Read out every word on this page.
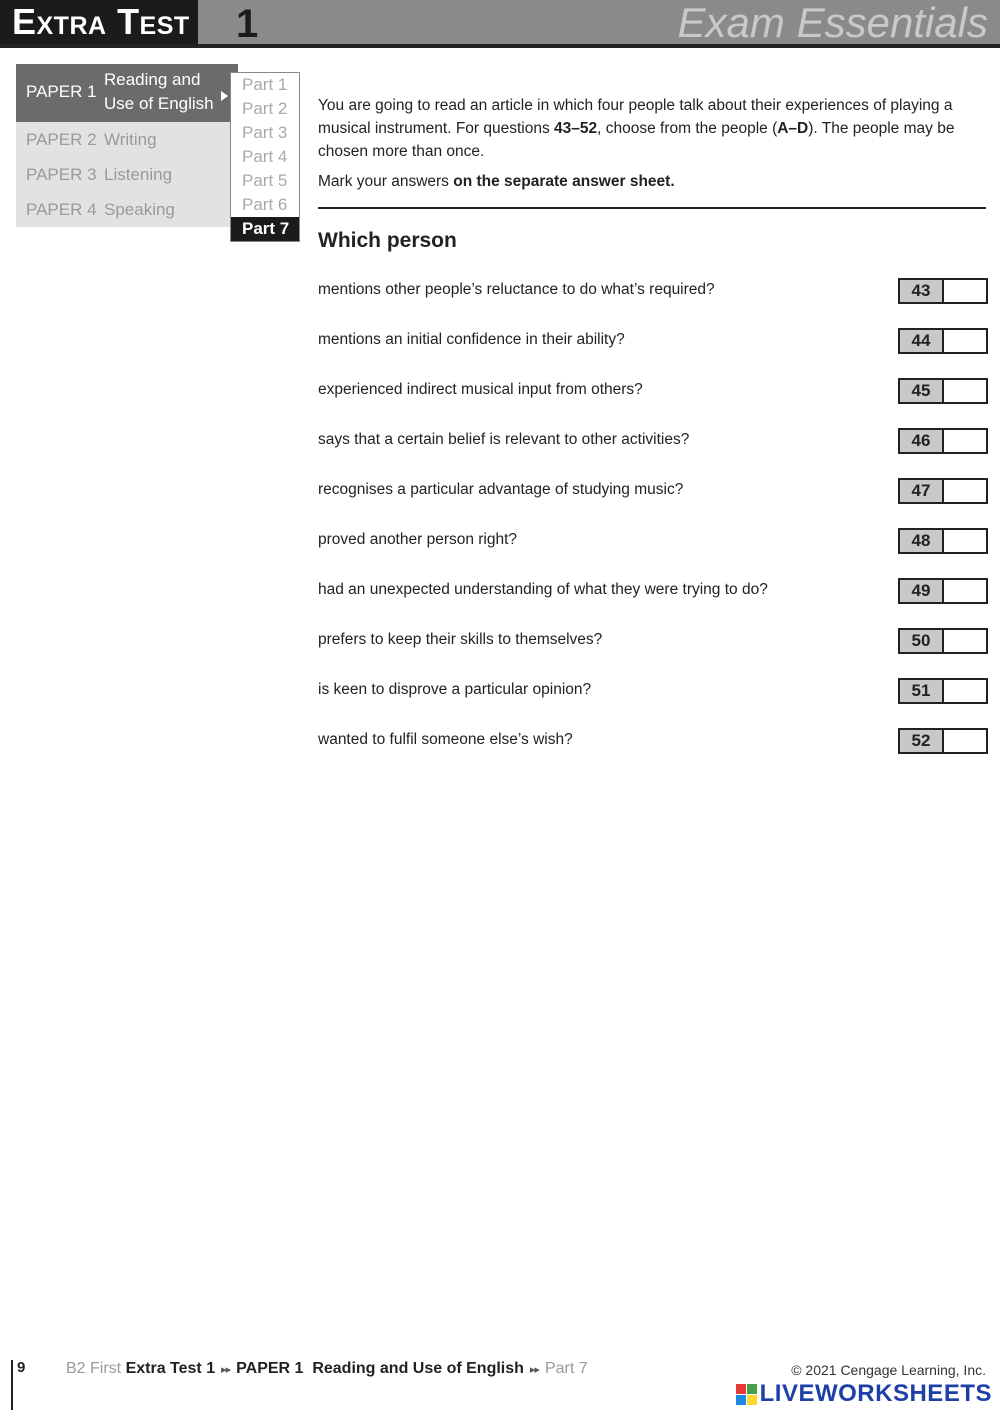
Extra Test 1	Exam Essentials
PAPER 1
Reading and Use of English
PAPER 2 Writing
PAPER 3 Listening
PAPER 4 Speaking
Part 1
Part 2
Part 3
Part 4
Part 5
Part 6
Part 7

You are going to read an article in which four people talk about their experiences of playing a musical instrument. For questions 43–52, choose from the people (A–D). The people may be chosen more than once.

Mark your answers on the separate answer sheet.
Which person
mentions other people’s reluctance to do what’s required?	43
mentions an initial confidence in their ability?	44
experienced indirect musical input from others?	45
says that a certain belief is relevant to other activities?	46
recognises a particular advantage of studying music?	47
proved another person right?	48
had an unexpected understanding of what they were trying to do?	49
prefers to keep their skills to themselves?	50
is keen to disprove a particular opinion?	51
wanted to fulfil someone else’s wish?	52
9	B2 First
Extra Test 1 ▸▸ PAPER 1
Reading and Use of English ▸▸ Part 7	© 2021 Cengage Learning, Inc.
LIVEWORKSHEETS
